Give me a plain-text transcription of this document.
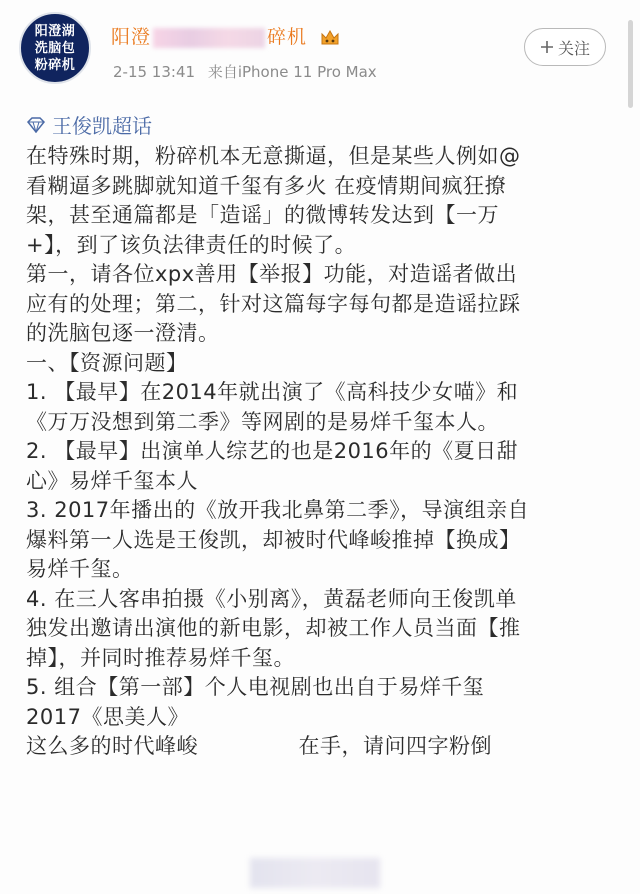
阳澄湖
洗脑包
粉碎机
阳澄	碎机
2-15 13:41 来自iPhone 11 Pro Max
关注
王俊凯超话

在特殊时期，粉碎机本无意撕逼，但是某些人例如@

看糊逼多跳脚就知道千玺有多火 在疫情期间疯狂撩

架，甚至通篇都是「造谣」的微博转发达到【一万

+】，到了该负法律责任的时候了。

第一，请各位xpx善用【举报】功能，对造谣者做出

应有的处理；第二，针对这篇每字每句都是造谣拉踩

的洗脑包逐一澄清。

一、【资源问题】

1. 【最早】在2014年就出演了《高科技少女喵》和

《万万没想到第二季》等网剧的是易烊千玺本人。

2. 【最早】出演单人综艺的也是2016年的《夏日甜

心》易烊千玺本人

3. 2017年播出的《放开我北鼻第二季》，导演组亲自

爆料第一人选是王俊凯，却被时代峰峻推掉【换成】

易烊千玺。

4. 在三人客串拍摄《小别离》，黄磊老师向王俊凯单

独发出邀请出演他的新电影，却被工作人员当面【推

掉】，并同时推荐易烊千玺。

5. 组合【第一部】个人电视剧也出自于易烊千玺

2017《思美人》

这么多的时代峰峻              在手，请问四字粉倒
